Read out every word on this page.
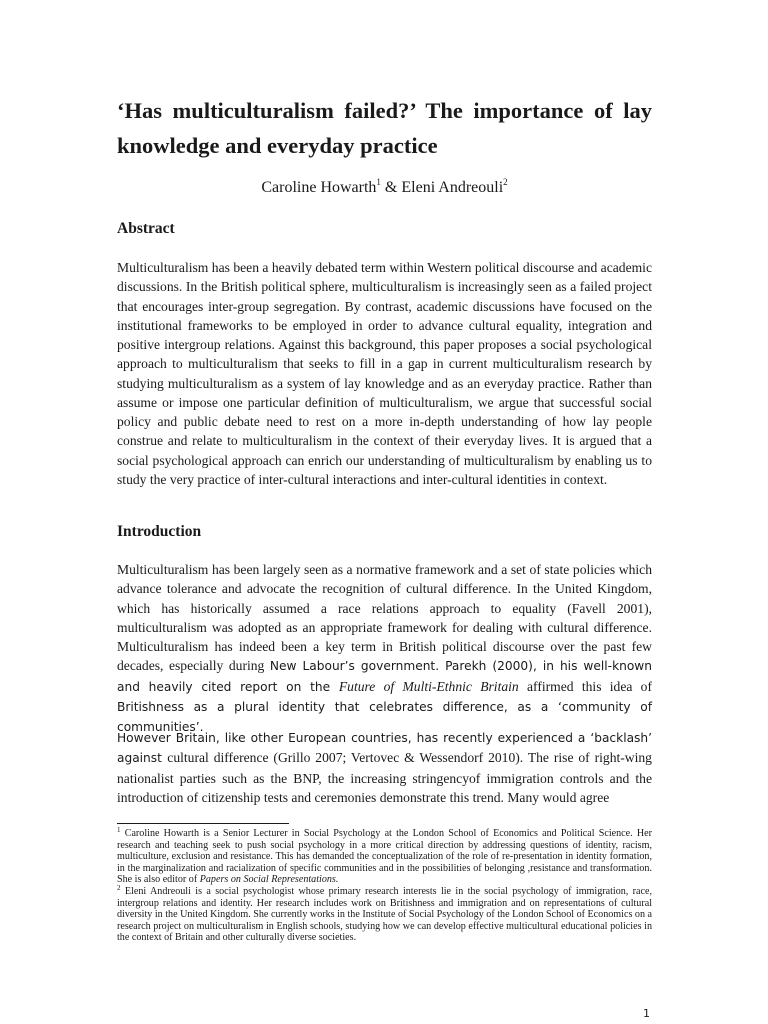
‘Has multiculturalism failed?’ The importance of lay knowledge and everyday practice
Caroline Howarth$^1$ & Eleni Andreouli$^2$
Abstract

Multiculturalism has been a heavily debated term within Western political discourse and academic discussions. In the British political sphere, multiculturalism is increasingly seen as a failed project that encourages inter-group segregation. By contrast, academic discussions have focused on the institutional frameworks to be employed in order to advance cultural equality, integration and positive intergroup relations. Against this background, this paper proposes a social psychological approach to multiculturalism that seeks to fill in a gap in current multiculturalism research by studying multiculturalism as a system of lay knowledge and as an everyday practice. Rather than assume or impose one particular definition of multiculturalism, we argue that successful social policy and public debate need to rest on a more in-depth understanding of how lay people construe and relate to multiculturalism in the context of their everyday lives. It is argued that a social psychological approach can enrich our understanding of multiculturalism by enabling us to study the very practice of inter-cultural interactions and inter-cultural identities in context.

Introduction

Multiculturalism has been largely seen as a normative framework and a set of state policies which advance tolerance and advocate the recognition of cultural difference. In the United Kingdom, which has historically assumed a race relations approach to equality (Favell 2001), multiculturalism was adopted as an appropriate framework for dealing with cultural difference. Multiculturalism has indeed been a key term in British political discourse over the past few decades, especially during New Labour’s government. Parekh (2000), in his well-known and heavily cited report on the Future of Multi-Ethnic Britain affirmed this idea of Britishness as a plural identity that celebrates difference, as a ‘community of communities’.

However Britain, like other European countries, has recently experienced a ‘backlash’ against cultural difference (Grillo 2007; Vertovec & Wessendorf 2010). The rise of right-wing nationalist parties such as the BNP, the increasing stringencyof immigration controls and the introduction of citizenship tests and ceremonies demonstrate this trend. Many would agree

$^1$ Caroline Howarth is a Senior Lecturer in Social Psychology at the London School of Economics and Political Science. Her research and teaching seek to push social psychology in a more critical direction by addressing questions of identity, racism, multiculture, exclusion and resistance. This has demanded the conceptualization of the role of re-presentation in identity formation, in the marginalization and racialization of specific communities and in the possibilities of belonging ,resistance and transformation. She is also editor of Papers on Social Representations.

$^2$ Eleni Andreouli is a social psychologist whose primary research interests lie in the social psychology of immigration, race, intergroup relations and identity. Her research includes work on Britishness and immigration and on representations of cultural diversity in the United Kingdom. She currently works in the Institute of Social Psychology of the London School of Economics on a research project on multiculturalism in English schools, studying how we can develop effective multicultural educational policies in the context of Britain and other culturally diverse societies.

1
